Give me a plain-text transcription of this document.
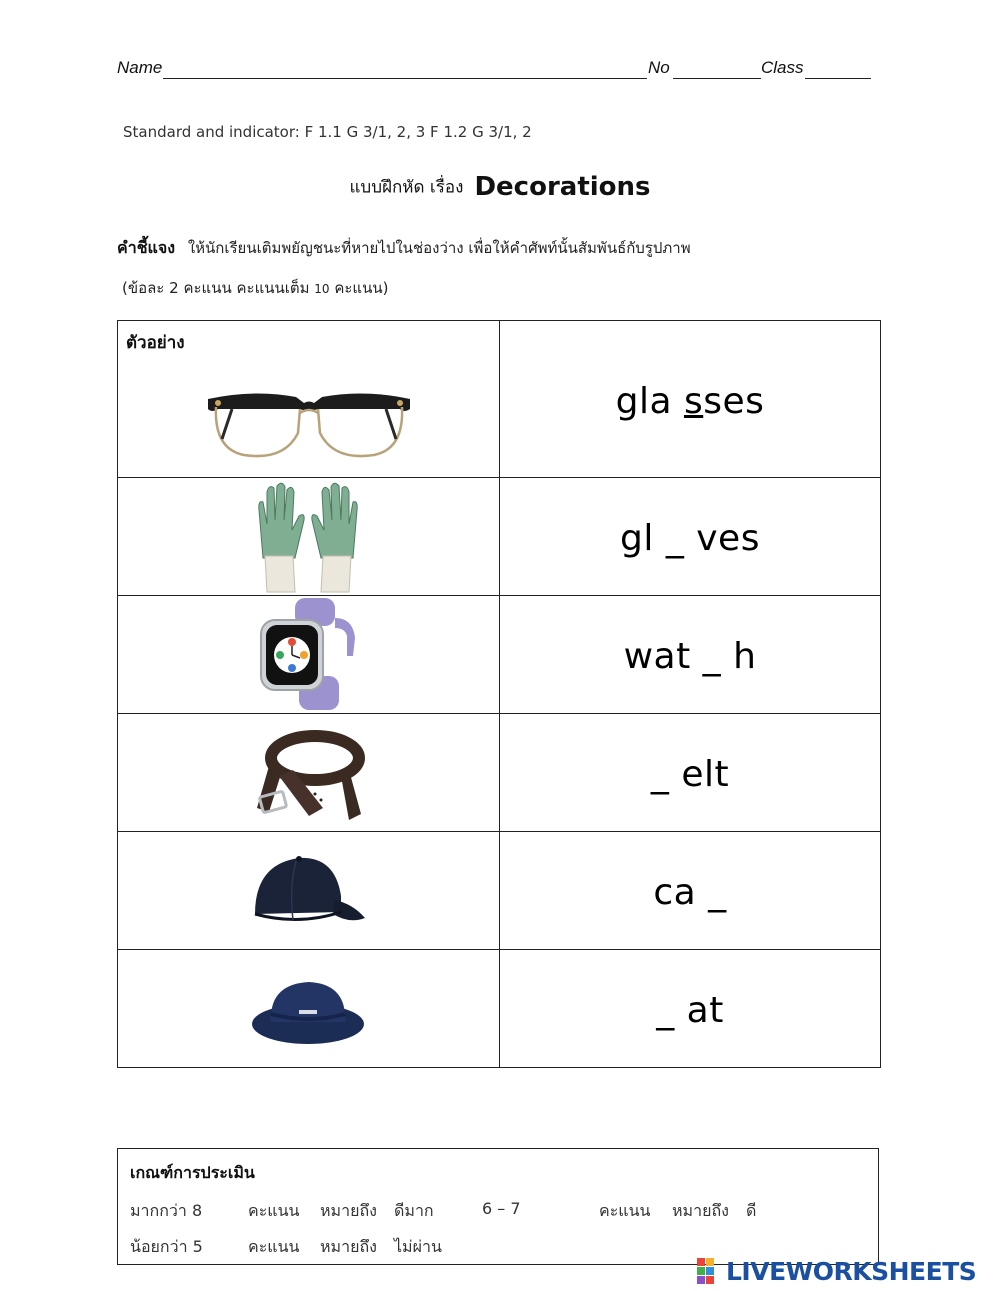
Name	No	Class
Standard and indicator: F 1.1 G 3/1, 2, 3 F 1.2 G 3/1, 2
แบบฝึกหัด เรื่อง Decorations
คำชี้แจง ให้นักเรียนเติมพยัญชนะที่หายไปในช่องว่าง เพื่อให้คำศัพท์นั้นสัมพันธ์กับรูปภาพ
(ข้อละ 2 คะแนน คะแนนเต็ม 10 คะแนน)
ตัวอย่าง
gla sses
gl _ ves
wat _ h
_ elt
ca _
_ at
เกณฑ์การประเมิน
มากกว่า 8	คะแนน หมายถึง ดีมาก	6 – 7	คะแนน หมายถึง ดี
น้อยกว่า 5	คะแนน หมายถึง ไม่ผ่าน
LIVEWORKSHEETS
